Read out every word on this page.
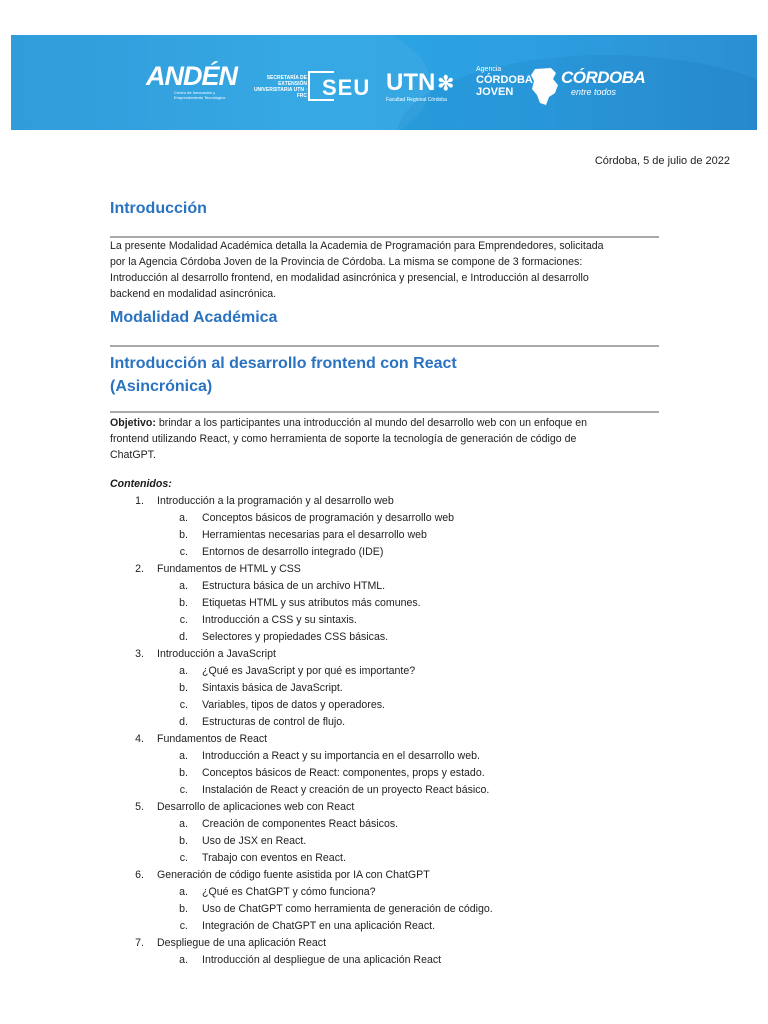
ANDÉN
Centro de Innovación y Emprendimiento Tecnológico
SECRETARÍA DE EXTENSIÓN UNIVERSITARIA UTN · FRC SEU UTN ✻
Facultad Regional Córdoba
Agencia
CÓRDOBA
JOVEN
CÓRDOBA
entre todos
Córdoba, 5 de julio de 2022
Introducción
La presente Modalidad Académica detalla la Academia de Programación para Emprendedores, solicitada
por la Agencia Córdoba Joven de la Provincia de Córdoba. La misma se compone de 3 formaciones:
Introducción al desarrollo frontend, en modalidad asincrónica y presencial, e Introducción al desarrollo
backend en modalidad asincrónica.
Modalidad Académica
Introducción al desarrollo frontend con React
(Asincrónica)
Objetivo: brindar a los participantes una introducción al mundo del desarrollo web con un enfoque en
frontend utilizando React, y como herramienta de soporte la tecnología de generación de código de
ChatGPT.
Contenidos:
1. Introducción a la programación y al desarrollo web
a. Conceptos básicos de programación y desarrollo web
b. Herramientas necesarias para el desarrollo web
c. Entornos de desarrollo integrado (IDE)
2. Fundamentos de HTML y CSS
a. Estructura básica de un archivo HTML.
b. Etiquetas HTML y sus atributos más comunes.
c. Introducción a CSS y su sintaxis.
d. Selectores y propiedades CSS básicas.
3. Introducción a JavaScript
a. ¿Qué es JavaScript y por qué es importante?
b. Sintaxis básica de JavaScript.
c. Variables, tipos de datos y operadores.
d. Estructuras de control de flujo.
4. Fundamentos de React
a. Introducción a React y su importancia en el desarrollo web.
b. Conceptos básicos de React: componentes, props y estado.
c. Instalación de React y creación de un proyecto React básico.
5. Desarrollo de aplicaciones web con React
a. Creación de componentes React básicos.
b. Uso de JSX en React.
c. Trabajo con eventos en React.
6. Generación de código fuente asistida por IA con ChatGPT
a. ¿Qué es ChatGPT y cómo funciona?
b. Uso de ChatGPT como herramienta de generación de código.
c. Integración de ChatGPT en una aplicación React.
7. Despliegue de una aplicación React
a. Introducción al despliegue de una aplicación React
